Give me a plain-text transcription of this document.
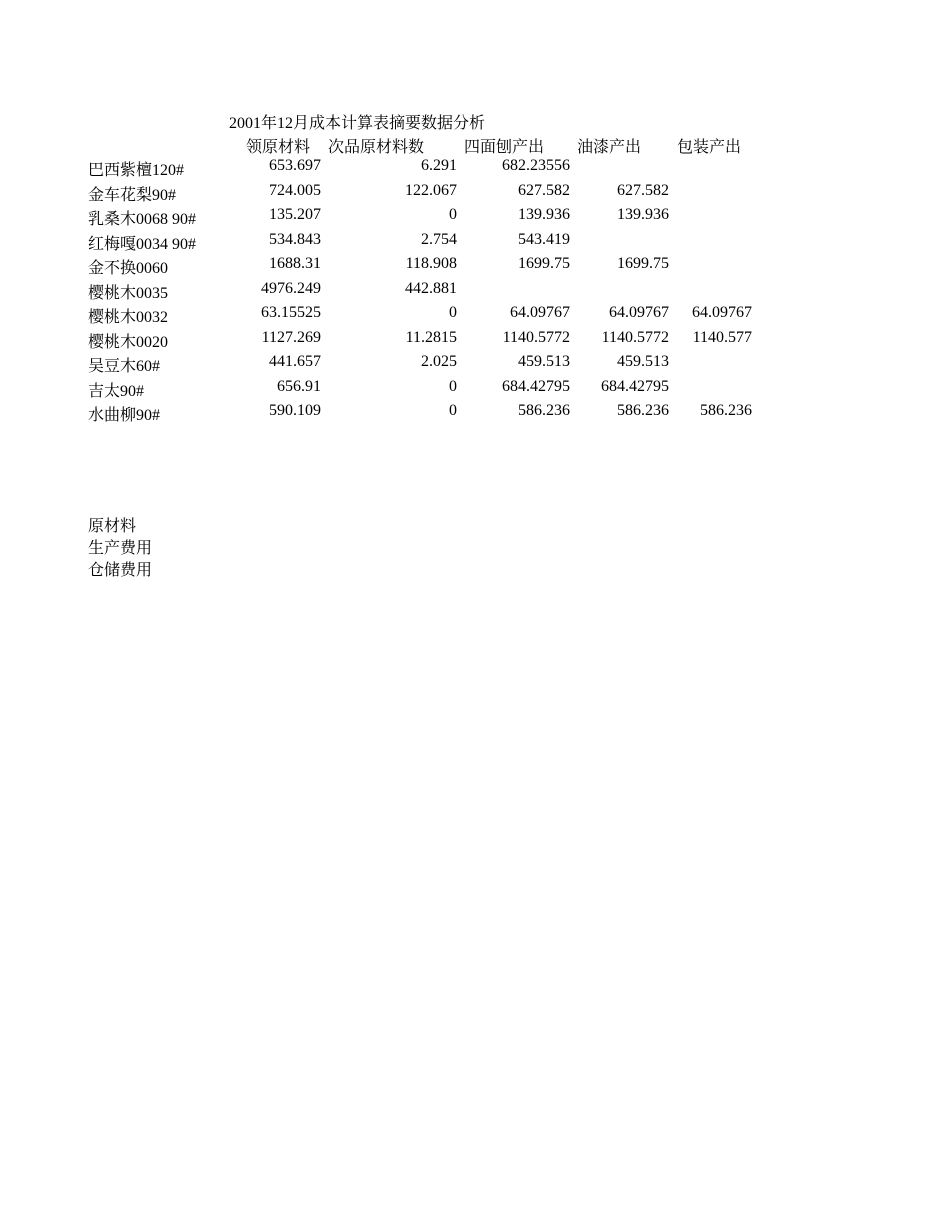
2001年12月成本计算表摘要数据分析
领原材料 次品原材料数 四面刨产出 油漆产出 包装产出
巴西紫檀120#	653.697	6.291	682.23556
金车花梨90#	724.005	122.067	627.582	627.582
乳桑木0068 90#	135.207	0	139.936	139.936
红梅嘎0034 90#	534.843	2.754	543.419
金不换0060	1688.31	118.908	1699.75	1699.75
樱桃木0035	4976.249	442.881
樱桃木0032	63.15525	0	64.09767 64.09767 64.09767
樱桃木0020	1127.269	11.2815	1140.5772 1140.5772 1140.577
吴豆木60#	441.657	2.025	459.513	459.513
吉太90#	656.91	0	684.42795 684.42795
水曲柳90#	590.109	0	586.236	586.236 586.236
原材料
生产费用
仓储费用
